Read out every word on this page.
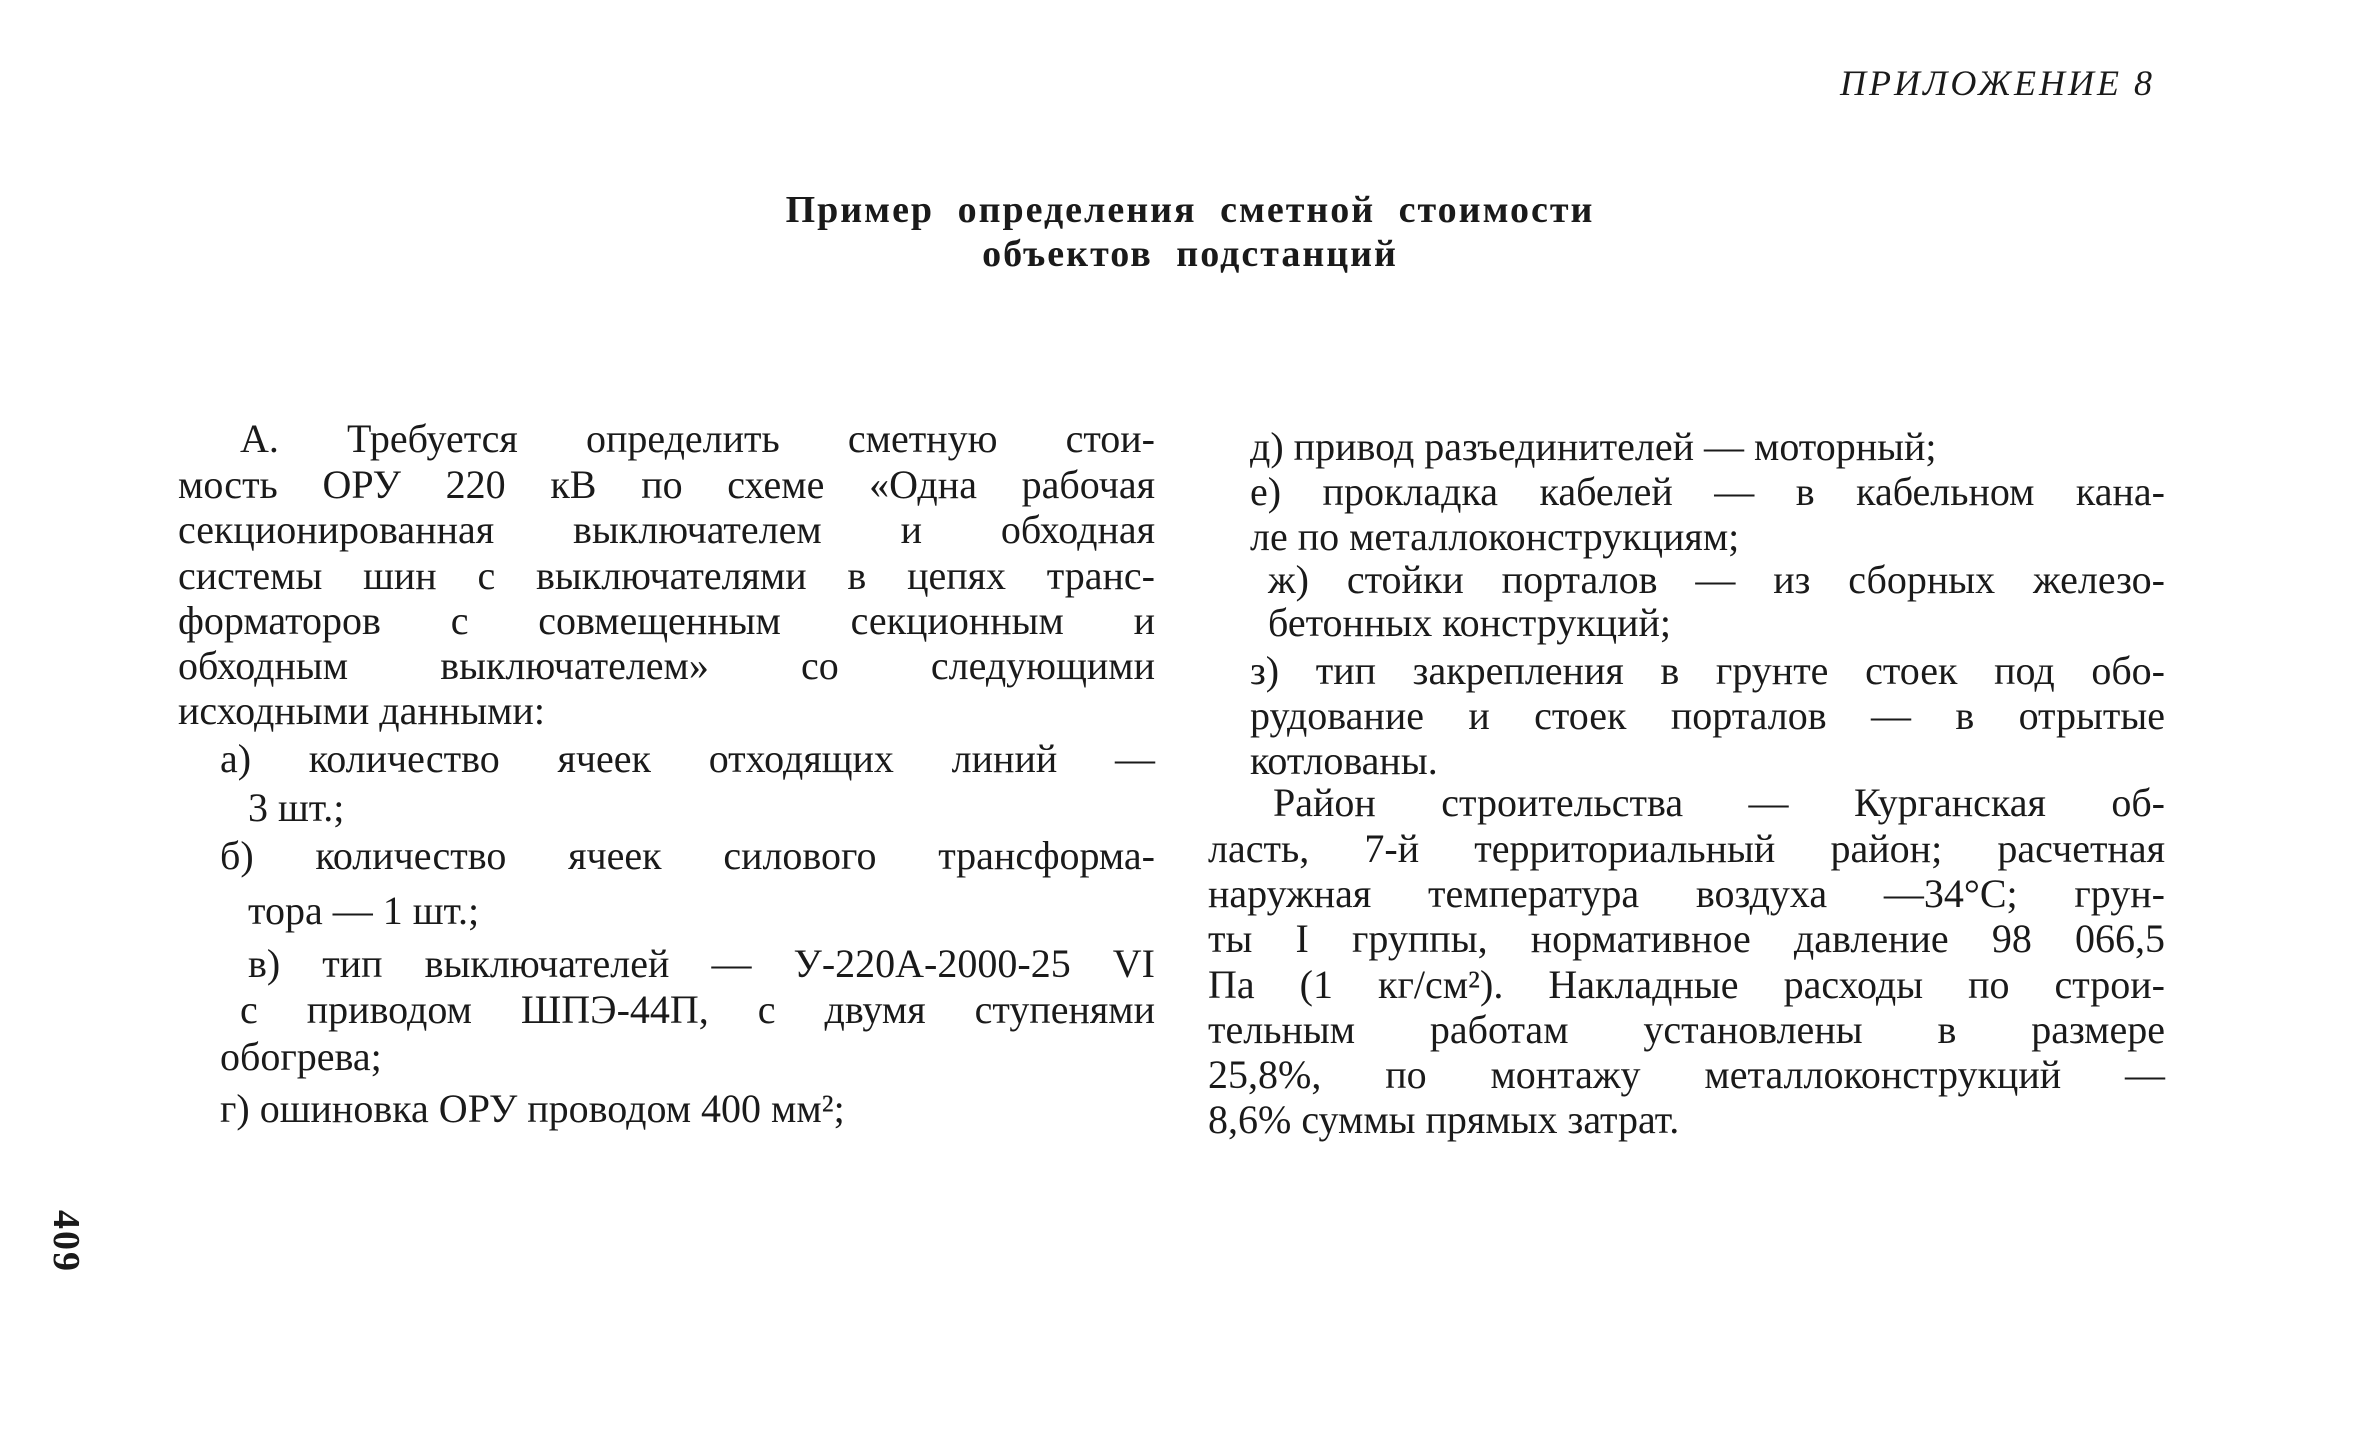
ПРИЛОЖЕНИЕ 8
Пример определения сметной стоимости
объектов подстанций
А. Требуется определить сметную стои-
мость ОРУ 220 кВ по схеме «Одна рабочая
секционированная выключателем и обходная
системы шин с выключателями в цепях транс-
форматоров с совмещенным секционным и
обходным выключателем» со следующими
исходными данными:
а) количество ячеек отходящих линий —
3 шт.;
б) количество ячеек силового трансформа-
тора — 1 шт.;
в) тип выключателей — У-220А-2000-25 VI
с приводом ШПЭ-44П, с двумя ступенями
обогрева;
г) ошиновка ОРУ проводом 400 мм²;
д) привод разъединителей — моторный;
е) прокладка кабелей — в кабельном кана-
ле по металлоконструкциям;
ж) стойки порталов — из сборных железо-
бетонных конструкций;
з) тип закрепления в грунте стоек под обо-
рудование и стоек порталов — в отрытые
котлованы.
Район строительства — Курганская об-
ласть, 7-й территориальный район; расчетная
наружная температура воздуха —34°С; грун-
ты I группы, нормативное давление 98 066,5
Па (1 кг/см²). Накладные расходы по строи-
тельным работам установлены в размере
25,8%, по монтажу металлоконструкций —
8,6% суммы прямых затрат.
409
